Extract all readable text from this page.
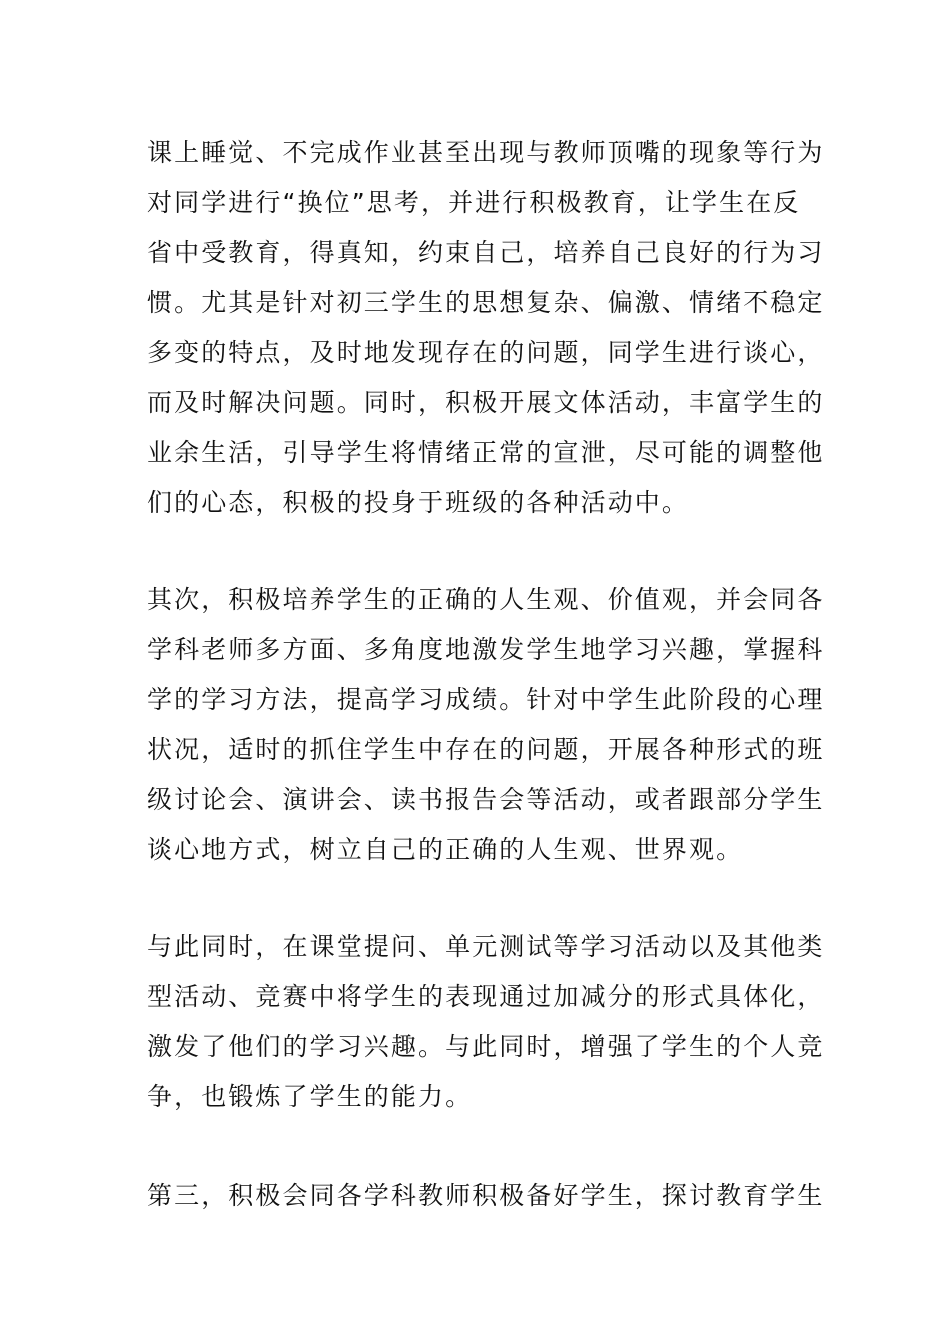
课上睡觉、不完成作业甚至出现与教师顶嘴的现象等行为
对同学进行“换位”思考，并进行积极教育，让学生在反
省中受教育，得真知，约束自己，培养自己良好的行为习
惯。尤其是针对初三学生的思想复杂、偏激、情绪不稳定
多变的特点，及时地发现存在的问题，同学生进行谈心，
而及时解决问题。同时，积极开展文体活动，丰富学生的
业余生活，引导学生将情绪正常的宣泄，尽可能的调整他
们的心态，积极的投身于班级的各种活动中。
其次，积极培养学生的正确的人生观、价值观，并会同各
学科老师多方面、多角度地激发学生地学习兴趣，掌握科
学的学习方法，提高学习成绩。针对中学生此阶段的心理
状况，适时的抓住学生中存在的问题，开展各种形式的班
级讨论会、演讲会、读书报告会等活动，或者跟部分学生
谈心地方式，树立自己的正确的人生观、世界观。
与此同时，在课堂提问、单元测试等学习活动以及其他类
型活动、竞赛中将学生的表现通过加减分的形式具体化，
激发了他们的学习兴趣。与此同时，增强了学生的个人竞
争，也锻炼了学生的能力。
第三，积极会同各学科教师积极备好学生，探讨教育学生
